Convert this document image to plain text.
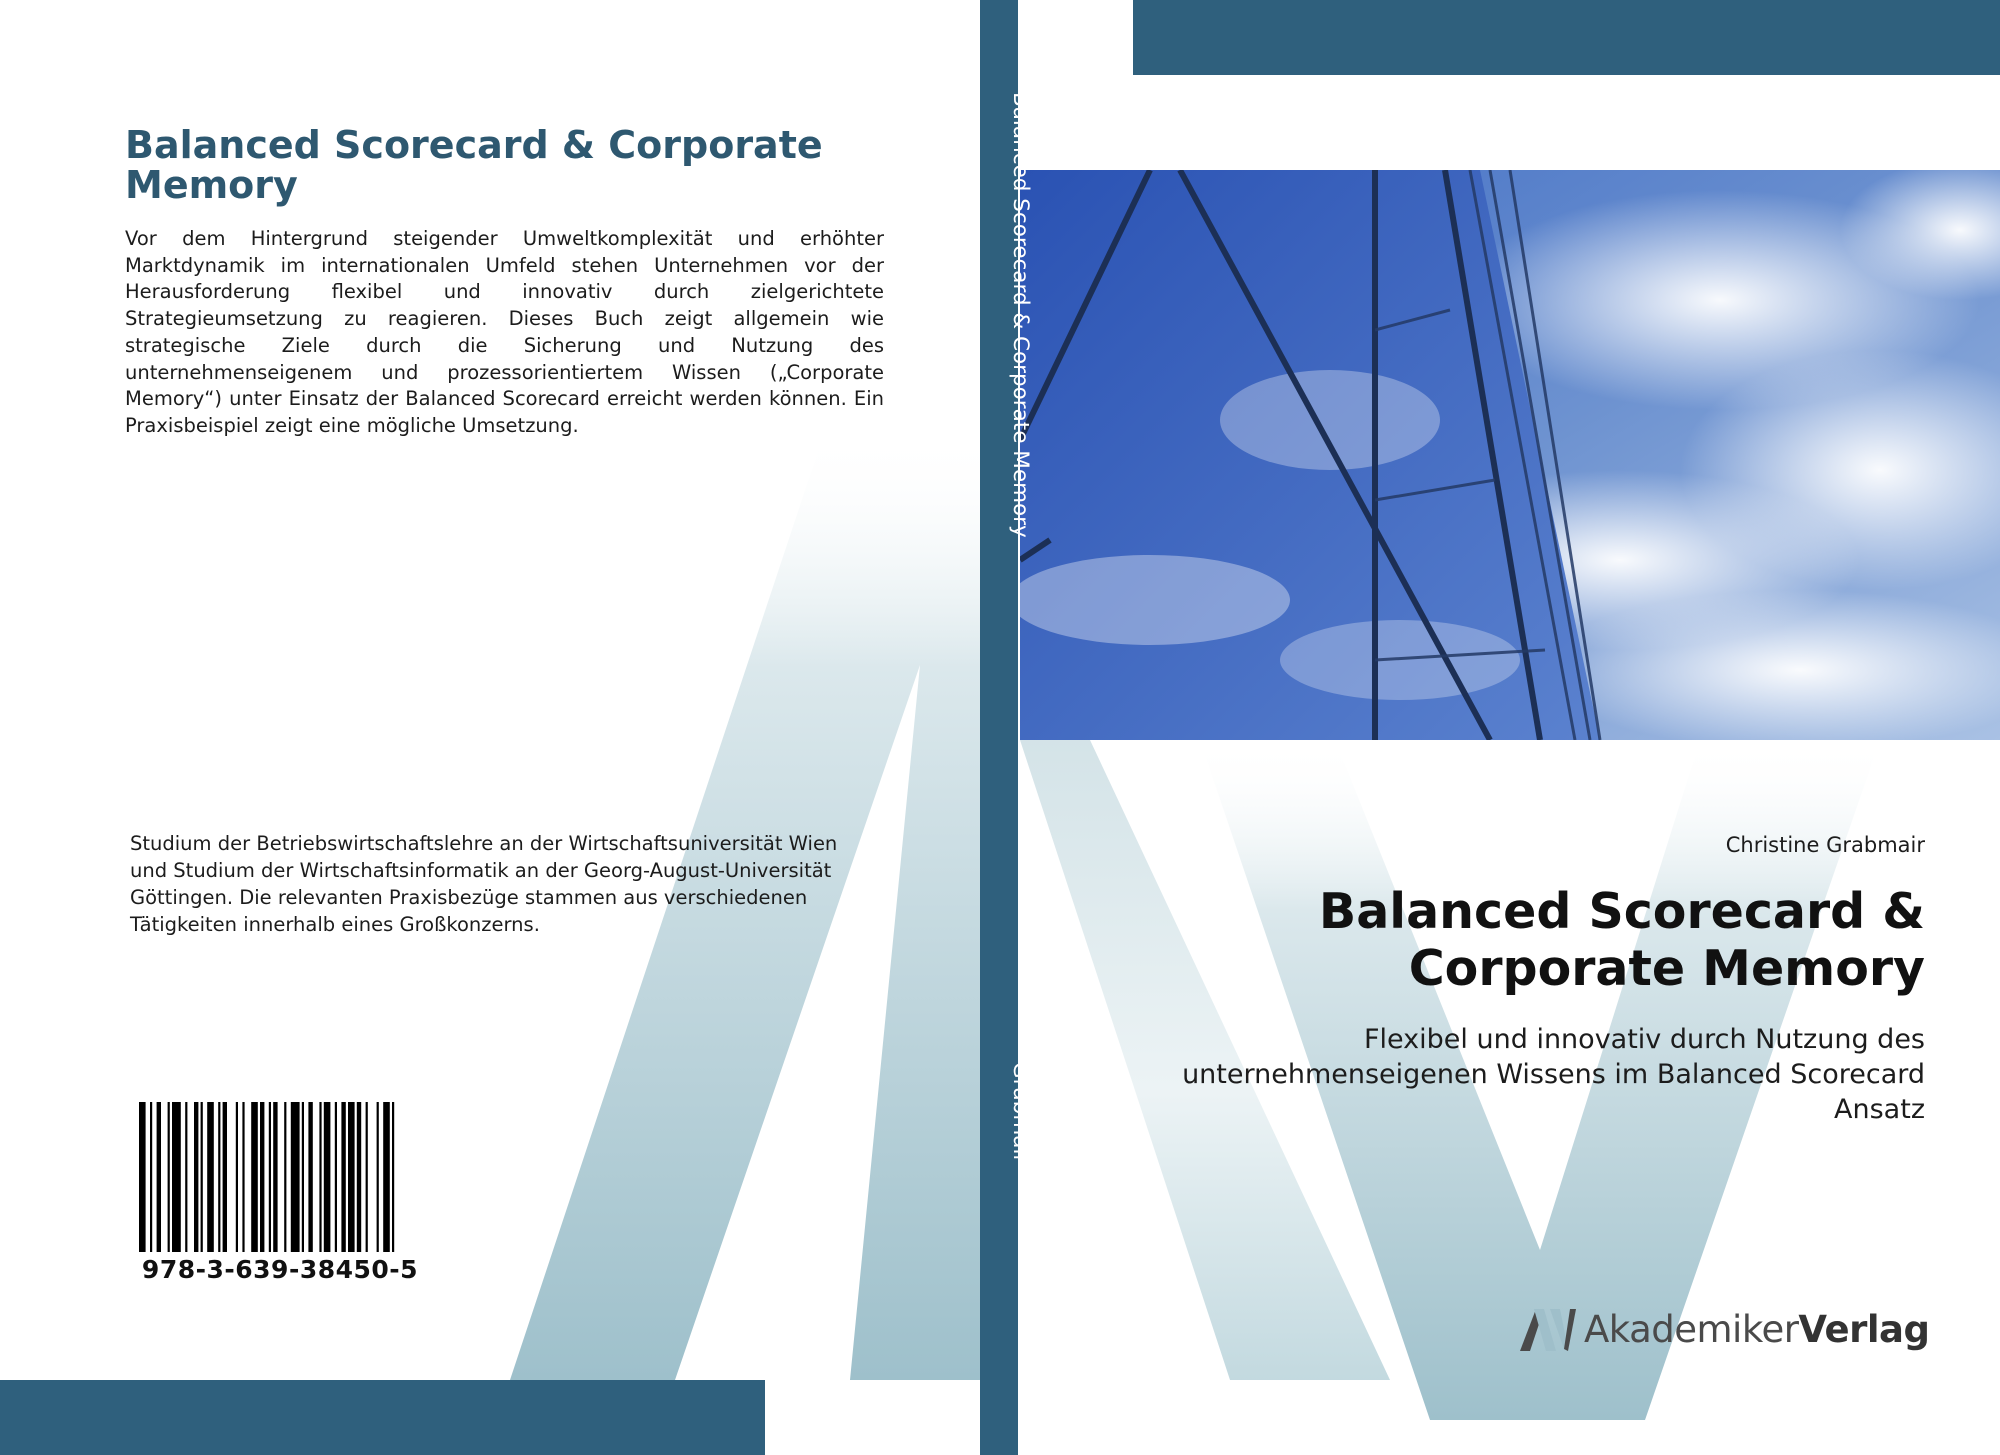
Balanced Scorecard & Corporate Memory

Vor dem Hintergrund steigender Umweltkomplexität und erhöhter Marktdynamik im internationalen Umfeld stehen Unternehmen vor der Herausforderung flexibel und innovativ durch zielgerichtete Strategieumsetzung zu reagieren. Dieses Buch zeigt allgemein wie strategische Ziele durch die Sicherung und Nutzung des unternehmenseigenem und prozessorientiertem Wissen („Corporate Memory“) unter Einsatz der Balanced Scorecard erreicht werden können. Ein Praxisbeispiel zeigt eine mögliche Umsetzung.

Studium der Betriebswirtschaftslehre an der Wirtschaftsuniversität Wien und Studium der Wirtschaftsinformatik an der Georg-August-Universität Göttingen. Die relevanten Praxisbezüge stammen aus verschiedenen Tätigkeiten innerhalb eines Großkonzerns.

978-3-639-38450-5
Balanced Scorecard & Corporate Memory
Grabmair

Christine Grabmair

Balanced Scorecard & Corporate Memory

Flexibel und innovativ durch Nutzung des unternehmenseigenen Wissens im Balanced Scorecard Ansatz

AkademikerVerlag
